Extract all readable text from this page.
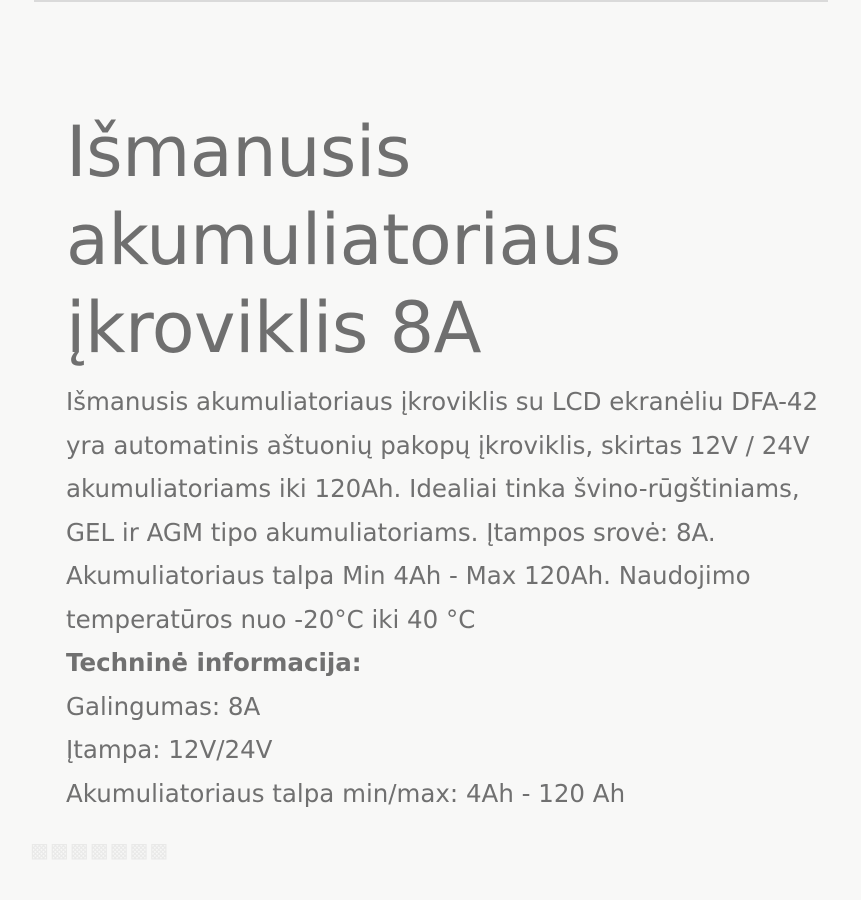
Išmanusis
akumuliatoriaus
įkroviklis 8A

Išmanusis akumuliatoriaus įkroviklis su LCD ekranėliu DFA-42 yra automatinis aštuonių pakopų įkroviklis, skirtas 12V / 24V akumuliatoriams iki 120Ah. Idealiai tinka švino-rūgštiniams, GEL ir AGM tipo akumuliatoriams. Įtampos srovė: 8A. Akumuliatoriaus talpa Min 4Ah - Max 120Ah. Naudojimo temperatūros nuo -20°C iki 40 °C

Techninė informacija:

Galingumas: 8A

Įtampa: 12V/24V

Akumuliatoriaus talpa min/max: 4Ah - 120 Ah

▩▩▩▩▩▩▩
